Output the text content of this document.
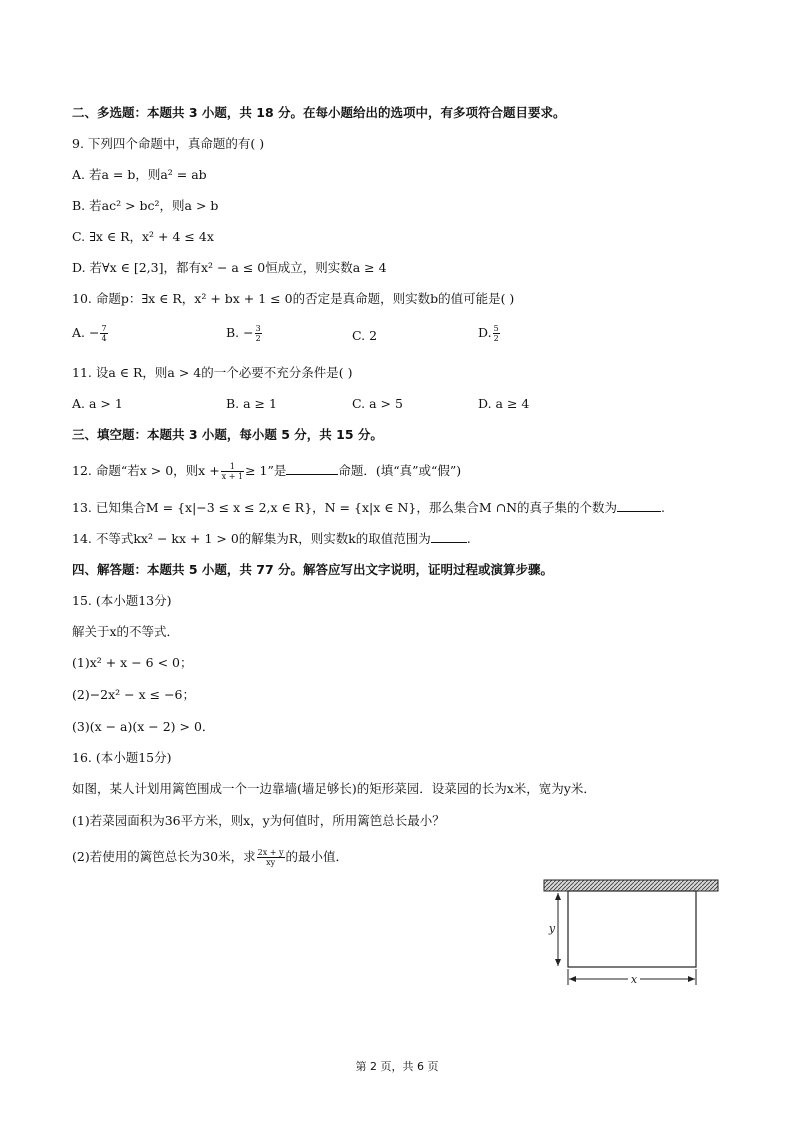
二、多选题：本题共 3 小题，共 18 分。在每小题给出的选项中，有多项符合题目要求。
9. 下列四个命题中，真命题的有( )
A. 若a = b，则a² = ab
B. 若ac² > bc²，则a > b
C. ∃x ∈ R，x² + 4 ≤ 4x
D. 若∀x ∈ [2,3]，都有x² − a ≤ 0恒成立，则实数a ≥ 4
10. 命题p：∃x ∈ R，x² + bx + 1 ≤ 0的否定是真命题，则实数b的值可能是( )
A. − $\frac{7}{4}$	B. − $\frac{3}{2}$	C. 2	D. $\frac{5}{2}$
11. 设a ∈ R，则a > 4的一个必要不充分条件是( )
A. a > 1	B. a ≥ 1	C. a > 5	D. a ≥ 4
三、填空题：本题共 3 小题，每小题 5 分，共 15 分。
12. 命题“若x > 0，则$x + \frac{1}{x + 1} \ge 1$”是	命题．(填“真”或“假”)
13. 已知集合M = {x|−3 ≤ x ≤ 2,x ∈ R}，N = {x|x ∈ N}，那么集合M ∩N的真子集的个数为	.
14. 不等式kx² − kx + 1 > 0的解集为R，则实数k的取值范围为	.
四、解答题：本题共 5 小题，共 77 分。解答应写出文字说明，证明过程或演算步骤。
15. (本小题13分)
解关于x的不等式．
(1)x² + x − 6 < 0；
(2)−2x² − x ≤ −6；
(3)(x − a)(x − 2) > 0．
16. (本小题15分)
如图，某人计划用篱笆围成一个一边靠墙(墙足够长)的矩形菜园．设菜园的长为x米，宽为y米．
(1)若菜园面积为36平方米，则x，y为何值时，所用篱笆总长最小？
(2)若使用的篱笆总长为30米，求 $\frac{2x + y}{xy}$ 的最小值．
y
x
第 2 页，共 6 页
